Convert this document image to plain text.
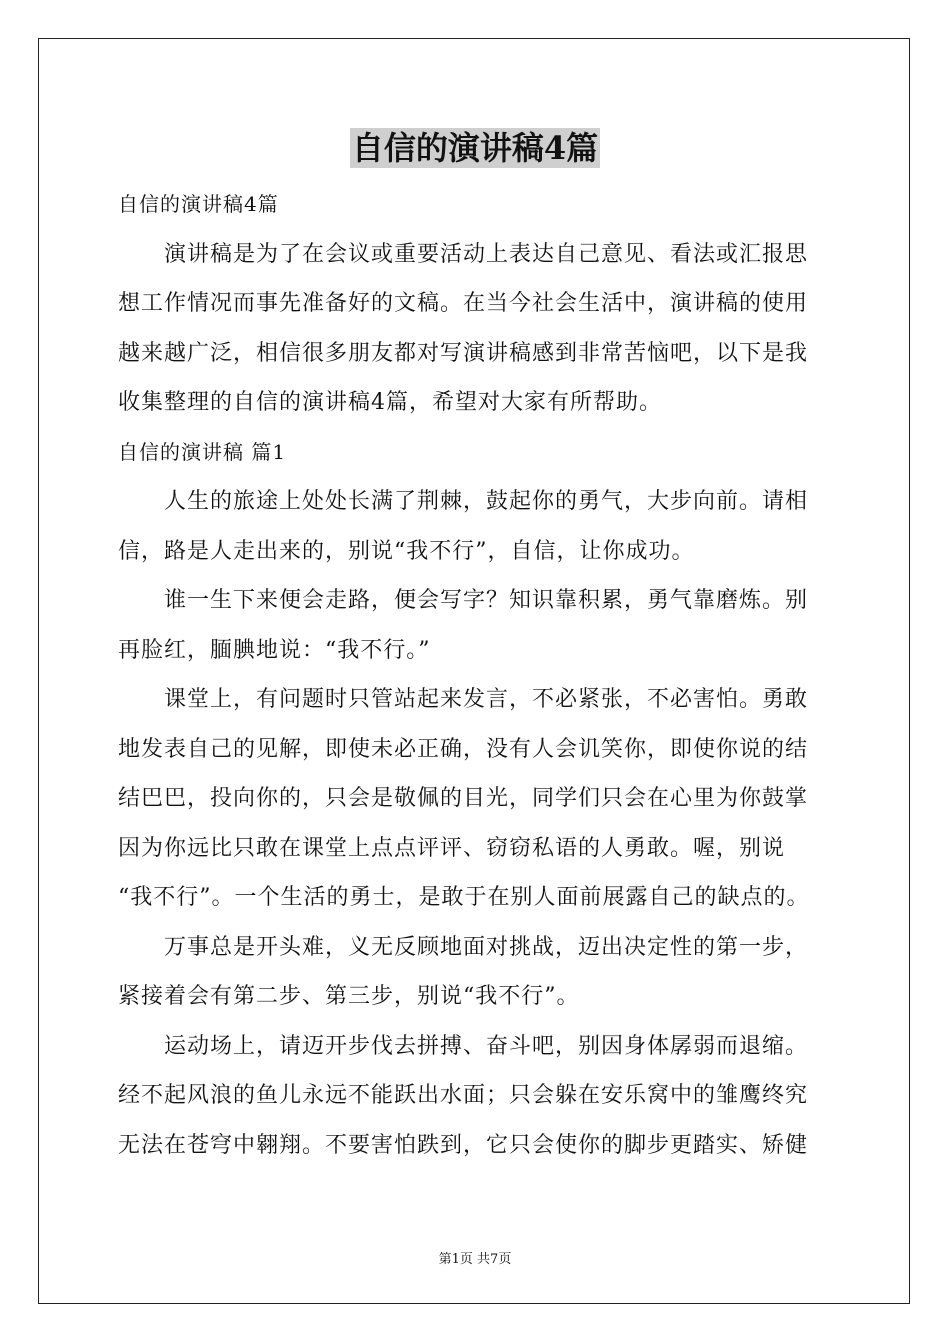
自信的演讲稿4篇
自信的演讲稿4篇
演讲稿是为了在会议或重要活动上表达自己意见、看法或汇报思
想工作情况而事先准备好的文稿。在当今社会生活中，演讲稿的使用
越来越广泛，相信很多朋友都对写演讲稿感到非常苦恼吧，以下是我
收集整理的自信的演讲稿4篇，希望对大家有所帮助。
自信的演讲稿 篇1
人生的旅途上处处长满了荆棘，鼓起你的勇气，大步向前。请相
信，路是人走出来的，别说“我不行”，自信，让你成功。
谁一生下来便会走路，便会写字？知识靠积累，勇气靠磨炼。别
再脸红，腼腆地说：“我不行。”
课堂上，有问题时只管站起来发言，不必紧张，不必害怕。勇敢
地发表自己的见解，即使未必正确，没有人会讥笑你，即使你说的结
结巴巴，投向你的，只会是敬佩的目光，同学们只会在心里为你鼓掌
因为你远比只敢在课堂上点点评评、窃窃私语的人勇敢。喔，别说
“我不行”。一个生活的勇士，是敢于在别人面前展露自己的缺点的。
万事总是开头难，义无反顾地面对挑战，迈出决定性的第一步，
紧接着会有第二步、第三步，别说“我不行”。
运动场上，请迈开步伐去拼搏、奋斗吧，别因身体孱弱而退缩。
经不起风浪的鱼儿永远不能跃出水面；只会躲在安乐窝中的雏鹰终究
无法在苍穹中翱翔。不要害怕跌到，它只会使你的脚步更踏实、矫健
第1页 共7页
